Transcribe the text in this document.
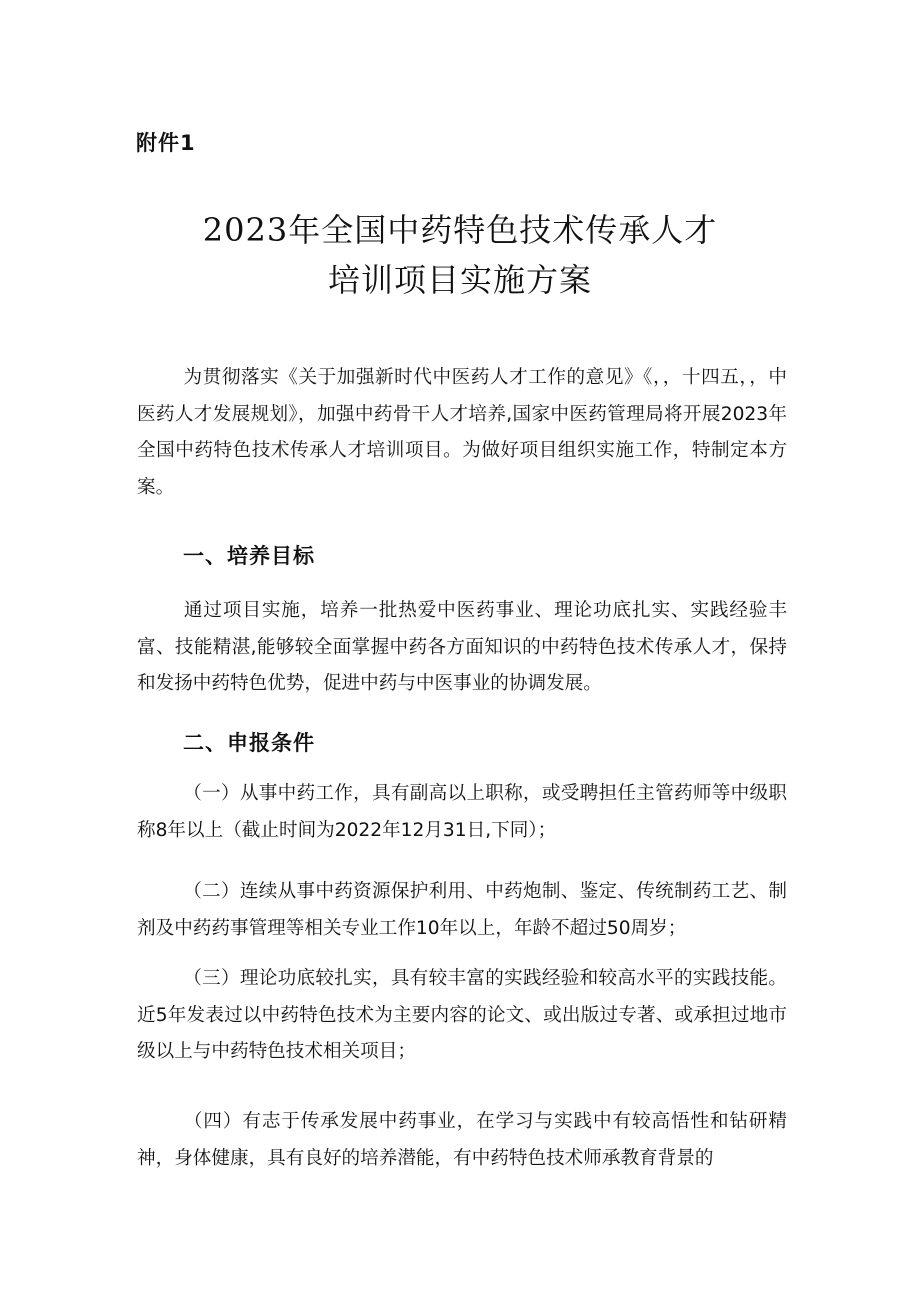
附件1
2023年全国中药特色技术传承人才
培训项目实施方案

为贯彻落实《关于加强新时代中医药人才工作的意见》《，，十四五，，中医药人才发展规划》，加强中药骨干人才培养,国家中医药管理局将开展2023年全国中药特色技术传承人才培训项目。为做好项目组织实施工作，特制定本方案。

一、培养目标

通过项目实施，培养一批热爱中医药事业、理论功底扎实、实践经验丰富、技能精湛,能够较全面掌握中药各方面知识的中药特色技术传承人才，保持和发扬中药特色优势，促进中药与中医事业的协调发展。

二、申报条件

（一）从事中药工作，具有副高以上职称，或受聘担任主管药师等中级职称8年以上（截止时间为2022年12月31日,下同）；

（二）连续从事中药资源保护利用、中药炮制、鉴定、传统制药工艺、制剂及中药药事管理等相关专业工作10年以上，年龄不超过50周岁；

（三）理论功底较扎实，具有较丰富的实践经验和较高水平的实践技能。近5年发表过以中药特色技术为主要内容的论文、或出版过专著、或承担过地市级以上与中药特色技术相关项目；

（四）有志于传承发展中药事业，在学习与实践中有较高悟性和钻研精神，身体健康，具有良好的培养潜能，有中药特色技术师承教育背景的
